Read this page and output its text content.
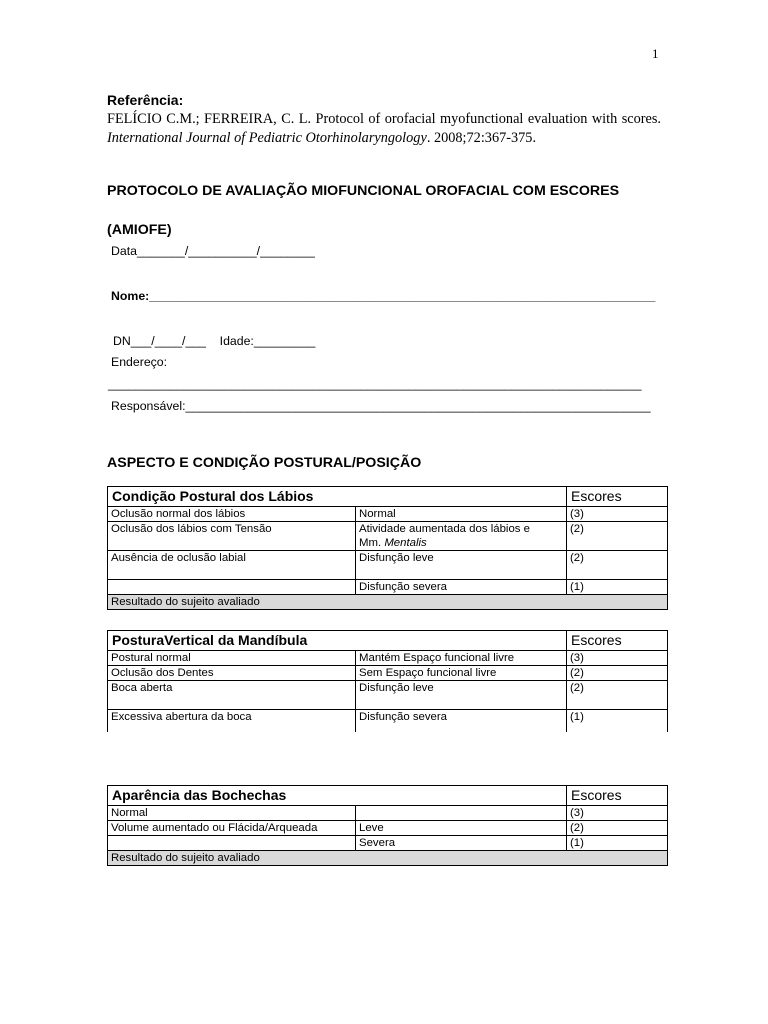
1
Referência:
FELÍCIO C.M.; FERREIRA, C. L. Protocol of orofacial myofunctional evaluation with scores. International Journal of Pediatric Otorhinolaryngology. 2008;72:367-375.
PROTOCOLO DE AVALIAÇÃO MIOFUNCIONAL OROFACIAL COM ESCORES
(AMIOFE)
Data_______/__________/________
Nome:__________________________________________________________________________
DN___/____/___    Idade:_________
Endereço:
______________________________________________________________________________
Responsável:____________________________________________________________________
ASPECTO E CONDIÇÃO POSTURAL/POSIÇÃO
Condição Postural dos Lábios		Escores
Oclusão normal dos lábios	Normal	(3)
Oclusão dos lábios com Tensão	Atividade aumentada dos lábios e
Mm. Mentalis	(2)
Ausência de oclusão labial	Disfunção leve	(2)
	Disfunção severa	(1)
Resultado do sujeito avaliado		
PosturaVertical da Mandíbula		Escores
Postural normal	Mantém Espaço funcional livre	(3)
Oclusão dos Dentes	Sem Espaço funcional livre	(2)
Boca aberta	Disfunção leve	(2)
Excessiva abertura da boca	Disfunção severa	(1)
Aparência das Bochechas		Escores
Normal		(3)
Volume aumentado ou Flácida/Arqueada	Leve	(2)
	Severa	(1)
Resultado do sujeito avaliado		
